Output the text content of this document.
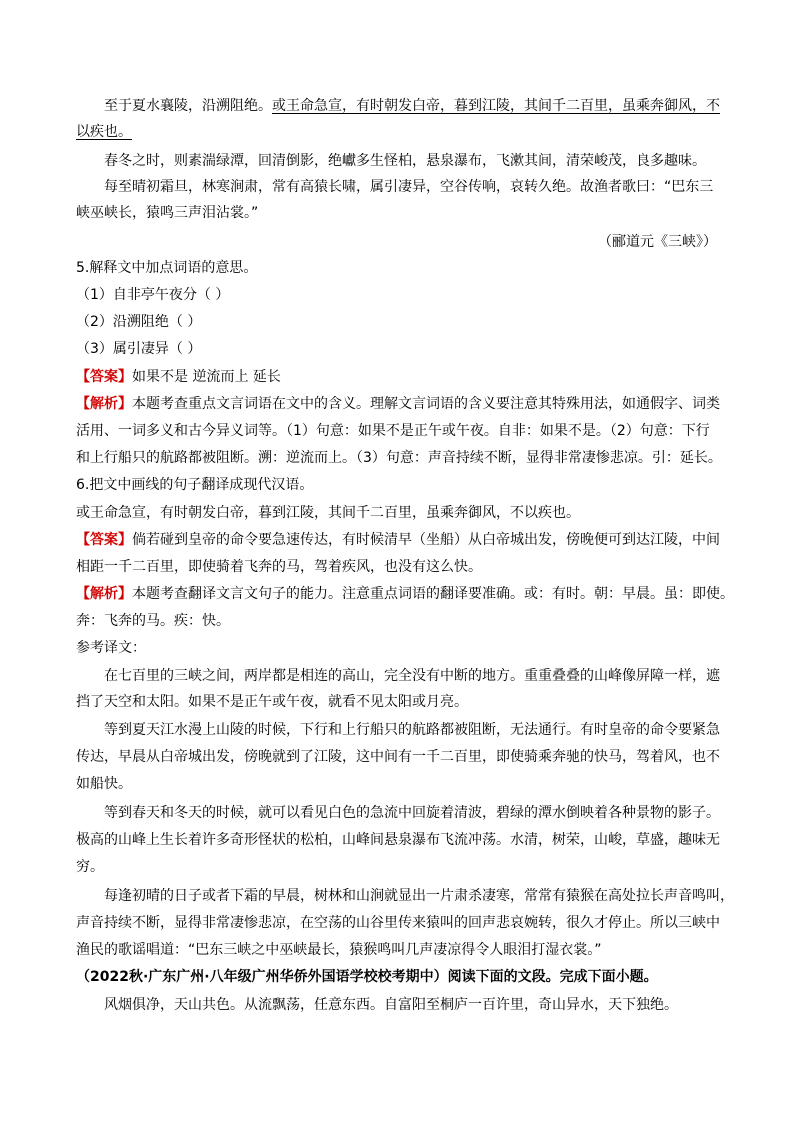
至于夏水襄陵，沿溯阻绝。或王命急宣，有时朝发白帝，暮到江陵，其间千二百里，虽乘奔御风，不
以疾也。
春冬之时，则素湍绿潭，回清倒影，绝巘多生怪柏，悬泉瀑布，飞漱其间，清荣峻茂，良多趣味。
每至晴初霜旦，林寒涧肃，常有高猿长啸，属引凄异，空谷传响，哀转久绝。故渔者歌曰：“巴东三
峡巫峡长，猿鸣三声泪沾裳。”
（郦道元《三峡》）
5.解释文中加点词语的意思。
（1）自非亭午夜分（ ）
（2）沿溯阻绝（ ）
（3）属引凄异（ ）
【答案】如果不是 逆流而上 延长
【解析】本题考查重点文言词语在文中的含义。理解文言词语的含义要注意其特殊用法，如通假字、词类
活用、一词多义和古今异义词等。（1）句意：如果不是正午或午夜。自非：如果不是。（2）句意：下行
和上行船只的航路都被阻断。溯：逆流而上。（3）句意：声音持续不断，显得非常凄惨悲凉。引：延长。
6.把文中画线的句子翻译成现代汉语。
或王命急宣，有时朝发白帝，暮到江陵，其间千二百里，虽乘奔御风，不以疾也。
【答案】倘若碰到皇帝的命令要急速传达，有时候清早（坐船）从白帝城出发，傍晚便可到达江陵，中间
相距一千二百里，即使骑着飞奔的马，驾着疾风，也没有这么快。
【解析】本题考查翻译文言文句子的能力。注意重点词语的翻译要准确。或：有时。朝：早晨。虽：即使。
奔：飞奔的马。疾：快。
参考译文：
在七百里的三峡之间，两岸都是相连的高山，完全没有中断的地方。重重叠叠的山峰像屏障一样，遮
挡了天空和太阳。如果不是正午或午夜，就看不见太阳或月亮。
等到夏天江水漫上山陵的时候，下行和上行船只的航路都被阻断，无法通行。有时皇帝的命令要紧急
传达，早晨从白帝城出发，傍晚就到了江陵，这中间有一千二百里，即使骑乘奔驰的快马，驾着风，也不
如船快。
等到春天和冬天的时候，就可以看见白色的急流中回旋着清波，碧绿的潭水倒映着各种景物的影子。
极高的山峰上生长着许多奇形怪状的松柏，山峰间悬泉瀑布飞流冲荡。水清，树荣，山峻，草盛，趣味无
穷。
每逢初晴的日子或者下霜的早晨，树林和山涧就显出一片肃杀凄寒，常常有猿猴在高处拉长声音鸣叫，
声音持续不断，显得非常凄惨悲凉，在空荡的山谷里传来猿叫的回声悲哀婉转，很久才停止。所以三峡中
渔民的歌谣唱道：“巴东三峡之中巫峡最长，猿猴鸣叫几声凄凉得令人眼泪打湿衣裳。”
（2022秋·广东广州·八年级广州华侨外国语学校校考期中）阅读下面的文段。完成下面小题。
风烟俱净，天山共色。从流飘荡，任意东西。自富阳至桐庐一百许里，奇山异水，天下独绝。
